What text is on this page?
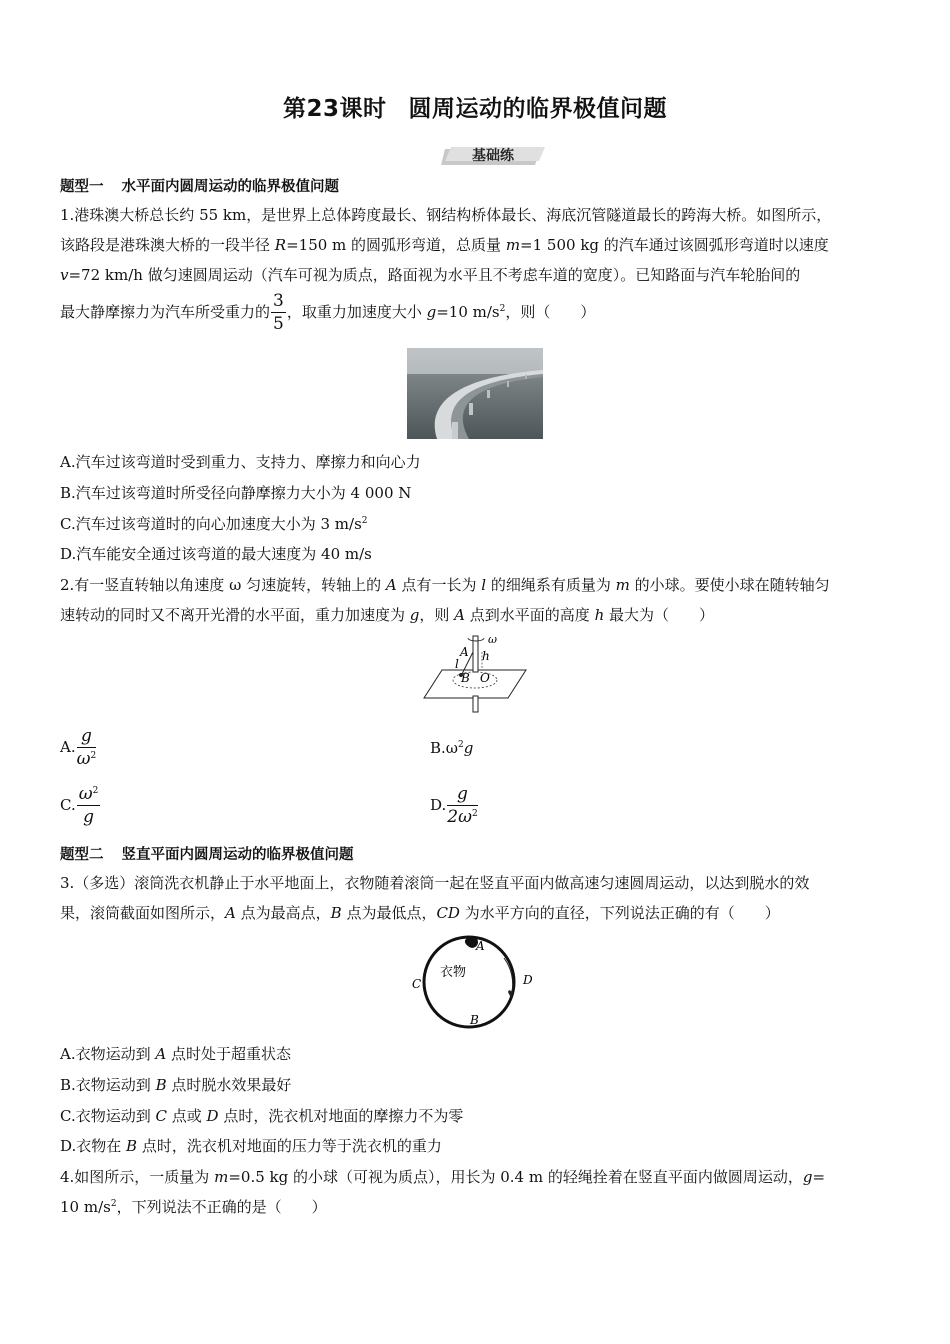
第23课时 圆周运动的临界极值问题
基础练
题型一 水平面内圆周运动的临界极值问题
1.港珠澳大桥总长约 55 km，是世界上总体跨度最长、钢结构桥体最长、海底沉管隧道最长的跨海大桥。如图所示，
该路段是港珠澳大桥的一段半径 R=150 m 的圆弧形弯道，总质量 m=1 500 kg 的汽车通过该圆弧形弯道时以速度
v=72 km/h 做匀速圆周运动（汽车可视为质点，路面视为水平且不考虑车道的宽度）。已知路面与汽车轮胎间的
最大静摩擦力为汽车所受重力的 $\frac{3}{5}$ ，取重力加速度大小 g=10 $m/s^2$，则（　　）
A.汽车过该弯道时受到重力、支持力、摩擦力和向心力
B.汽车过该弯道时所受径向静摩擦力大小为 4 000 N
C.汽车过该弯道时的向心加速度大小为 3 $m/s^2$
D.汽车能安全通过该弯道的最大速度为 40 m/s
2.有一竖直转轴以角速度 ω 匀速旋转，转轴上的 A 点有一长为 l 的细绳系有质量为 m 的小球。要使小球在随转轴匀
速转动的同时又不离开光滑的水平面，重力加速度为 g，则 A 点到水平面的高度 h 最大为（　　）
ω
A h
l
B O
A. $\frac{g}{\omega^2}$	$B.\omega^2g$
C. $\frac{\omega^2}{g}$	D. $\frac{g}{2\omega^2}$
题型二 竖直平面内圆周运动的临界极值问题
3.（多选）滚筒洗衣机静止于水平地面上，衣物随着滚筒一起在竖直平面内做高速匀速圆周运动，以达到脱水的效
果，滚筒截面如图所示，A 点为最高点，B 点为最低点，CD 为水平方向的直径，下列说法正确的有（　　）
A
B
C	D
衣物
A.衣物运动到 A 点时处于超重状态
B.衣物运动到 B 点时脱水效果最好
C.衣物运动到 C 点或 D 点时，洗衣机对地面的摩擦力不为零
D.衣物在 B 点时，洗衣机对地面的压力等于洗衣机的重力
4.如图所示，一质量为 m=0.5 kg 的小球（可视为质点），用长为 0.4 m 的轻绳拴着在竖直平面内做圆周运动，g=
10 $m/s^2$，下列说法不正确的是（　　）
